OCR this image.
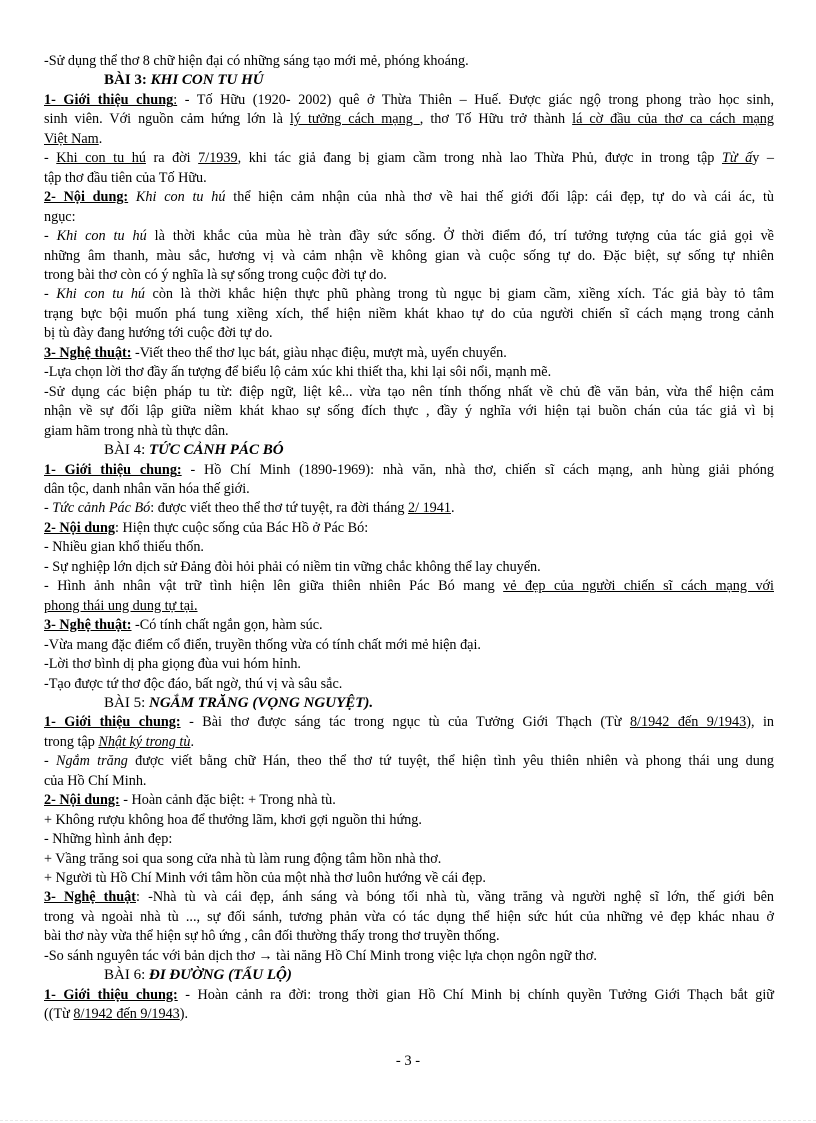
-Sử dụng thể thơ 8 chữ hiện đại có những sáng tạo mới mẻ, phóng khoáng.

BÀI 3: KHI CON TU HÚ

1- Giới thiệu chung: - Tố Hữu (1920- 2002) quê ở Thừa Thiên – Huế. Được giác ngộ trong phong trào học sinh,

sinh viên. Với nguồn cảm hứng lớn là lý tưởng cách mạng , thơ Tố Hữu trở thành lá cờ đầu của thơ ca cách mạng

Việt Nam.

- Khi con tu hú ra đời 7/1939, khi tác giả đang bị giam cầm trong nhà lao Thừa Phủ, được in trong tập Từ ấy –

tập thơ đầu tiên của Tố Hữu.

2- Nội dung: Khi con tu hú thể hiện cảm nhận của nhà thơ về hai thế giới đối lập: cái đẹp, tự do và cái ác, tù

ngục:

- Khi con tu hú là thời khắc của mùa hè tràn đầy sức sống. Ở thời điểm đó, trí tưởng tượng của tác giả gọi về

những âm thanh, màu sắc, hương vị và cảm nhận về không gian và cuộc sống tự do. Đặc biệt, sự sống tự nhiên

trong bài thơ còn có ý nghĩa là sự sống trong cuộc đời tự do.

- Khi con tu hú còn là thời khắc hiện thực phũ phàng trong tù ngục bị giam cầm, xiềng xích. Tác giả bày tỏ tâm

trạng bực bội muốn phá tung xiềng xích, thể hiện niềm khát khao tự do của người chiến sĩ cách mạng trong cảnh

bị tù đày đang hướng tới cuộc đời tự do.

3- Nghệ thuật: -Viết theo thể thơ lục bát, giàu nhạc điệu, mượt mà, uyển chuyển.

-Lựa chọn lời thơ đầy ấn tượng để biểu lộ cảm xúc khi thiết tha, khi lại sôi nổi, mạnh mẽ.

-Sử dụng các biện pháp tu từ: điệp ngữ, liệt kê... vừa tạo nên tính thống nhất về chủ đề văn bản, vừa thể hiện cảm

nhận về sự đối lập giữa niềm khát khao sự sống đích thực , đầy ý nghĩa với hiện tại buồn chán của tác giả vì bị

giam hãm trong nhà tù thực dân.

BÀI 4: TỨC CẢNH PÁC BÓ

1- Giới thiệu chung: - Hồ Chí Minh (1890-1969): nhà văn, nhà thơ, chiến sĩ cách mạng, anh hùng giải phóng

dân tộc, danh nhân văn hóa thế giới.

- Tức cảnh Pác Bó: được viết theo thể thơ tứ tuyệt, ra đời tháng 2/ 1941.

2- Nội dung: Hiện thực cuộc sống của Bác Hồ ở Pác Bó:

- Nhiều gian khổ thiếu thốn.

- Sự nghiệp lớn dịch sử Đảng đòi hỏi phải có niềm tin vững chắc không thể lay chuyển.

- Hình ảnh nhân vật trữ tình hiện lên giữa thiên nhiên Pác Bó mang vẻ đẹp của người chiến sĩ cách mạng với

phong thái ung dung tự tại.

3- Nghệ thuật: -Có tính chất ngắn gọn, hàm súc.

-Vừa mang đặc điểm cổ điển, truyền thống vừa có tính chất mới mẻ hiện đại.

-Lời thơ bình dị pha giọng đùa vui hóm hỉnh.

-Tạo được tứ thơ độc đáo, bất ngờ, thú vị và sâu sắc.

BÀI 5: NGẮM TRĂNG (VỌNG NGUYỆT).

1- Giới thiệu chung: - Bài thơ được sáng tác trong ngục tù của Tưởng Giới Thạch (Từ 8/1942 đến 9/1943), in

trong tập Nhật ký trong tù.

- Ngắm trăng được viết bằng chữ Hán, theo thể thơ tứ tuyệt, thể hiện tình yêu thiên nhiên và phong thái ung dung

của Hồ Chí Minh.

2- Nội dung: - Hoàn cảnh đặc biệt: + Trong nhà tù.

+ Không rượu không hoa để thưởng lãm, khơi gợi nguồn thi hứng.

- Những hình ảnh đẹp:

+ Vầng trăng soi qua song cửa nhà tù làm rung động tâm hồn nhà thơ.

+ Người tù Hồ Chí Minh với tâm hồn của một nhà thơ luôn hướng về cái đẹp.

3- Nghệ thuật: -Nhà tù và cái đẹp, ánh sáng và bóng tối nhà tù, vầng trăng và người nghệ sĩ lớn, thế giới bên

trong và ngoài nhà tù ..., sự đối sánh, tương phản vừa có tác dụng thể hiện sức hút của những vẻ đẹp khác nhau ở

bài thơ này vừa thể hiện sự hô ứng , cân đối thường thấy trong thơ truyền thống.

-So sánh nguyên tác với bản dịch thơ → tài năng Hồ Chí Minh trong việc lựa chọn ngôn ngữ thơ.

BÀI 6: ĐI ĐƯỜNG (TẨU LỘ)

1- Giới thiệu chung: - Hoàn cảnh ra đời: trong thời gian Hồ Chí Minh bị chính quyền Tưởng Giới Thạch bắt giữ

((Từ 8/1942 đến 9/1943).

- 3 -
